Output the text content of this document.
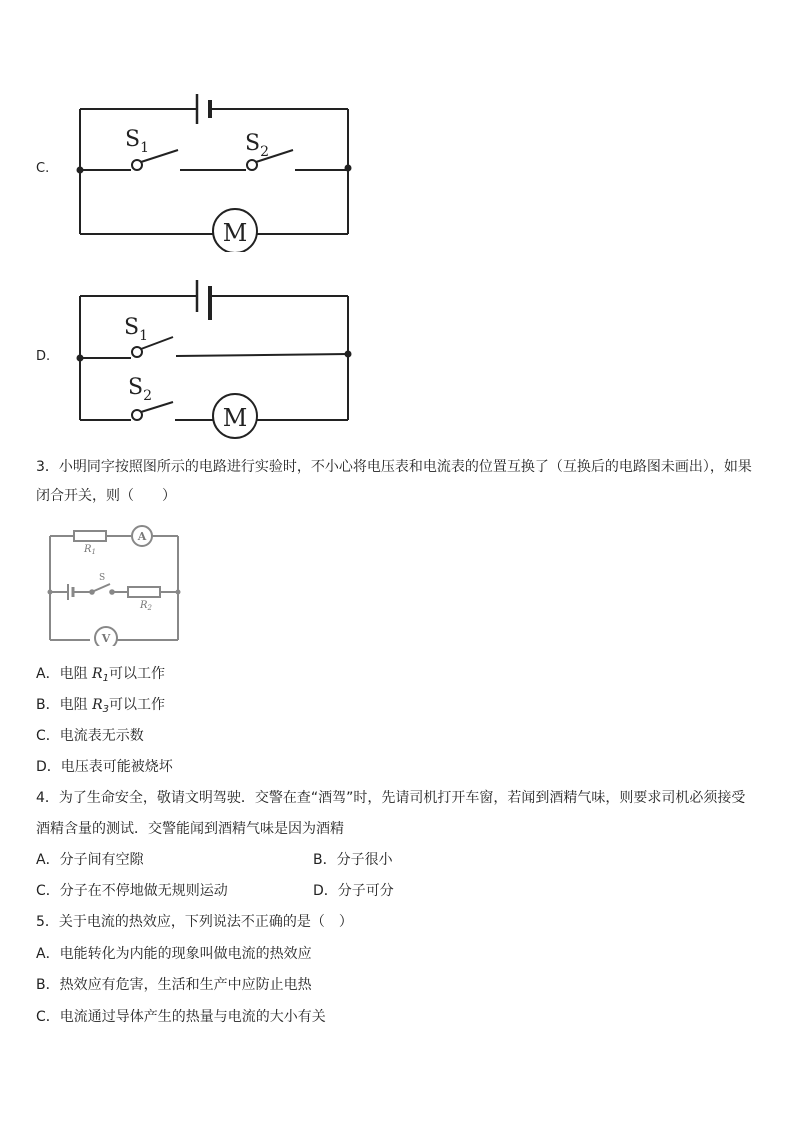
C.
$S_1$	$S_2$
M
D.
$S_1$
$S_2$
M
3．小明同字按照图所示的电路进行实验时，不小心将电压表和电流表的位置互换了（互换后的电路图未画出），如果
闭合开关，则（　　）
$R_1$
$R_2$
S
A
V
A．电阻 $R_1$可以工作
B．电阻 $R_3$可以工作
C．电流表无示数
D．电压表可能被烧坏
4．为了生命安全，敬请文明驾驶．交警在查“酒驾”时，先请司机打开车窗，若闻到酒精气味，则要求司机必须接受
酒精含量的测试．交警能闻到酒精气味是因为酒精
A．分子间有空隙	B．分子很小
C．分子在不停地做无规则运动	D．分子可分
5．关于电流的热效应，下列说法不正确的是（　）
A．电能转化为内能的现象叫做电流的热效应
B．热效应有危害，生活和生产中应防止电热
C．电流通过导体产生的热量与电流的大小有关
